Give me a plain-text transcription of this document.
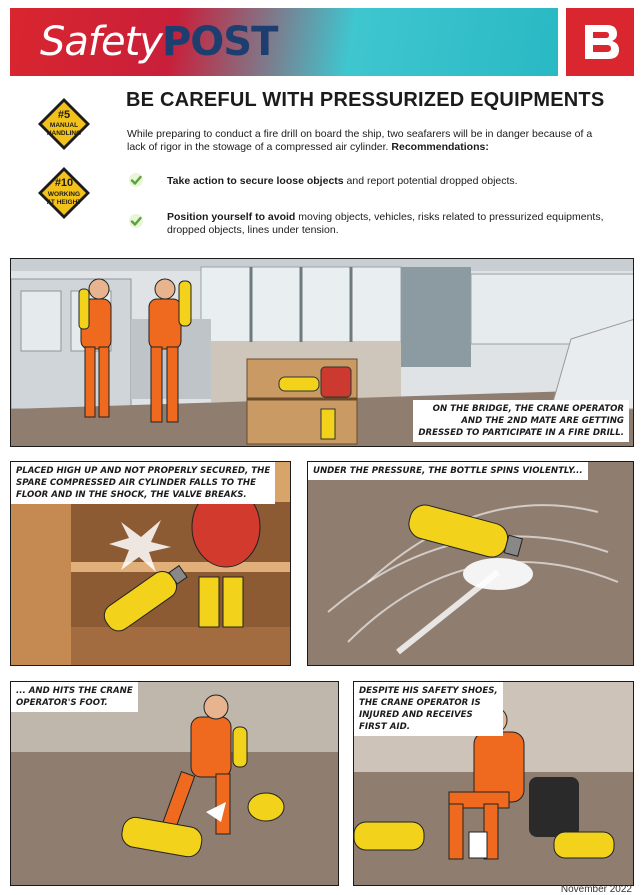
SafetyPOST
#5
MANUAL
HANDLING
#10
WORKING
AT HEIGHT
BE CAREFUL WITH PRESSURIZED EQUIPMENTS
While preparing to conduct a fire drill on board the ship, two seafarers will be in danger because of a lack of rigor in the stowage of a compressed air cylinder. Recommendations:
Take action to secure loose objects and report potential dropped objects.
Position yourself to avoid moving objects, vehicles, risks related to pressurized equipments, dropped objects, lines under tension.
ON THE BRIDGE, THE CRANE OPERATOR
AND THE 2ND MATE ARE GETTING
DRESSED TO PARTICIPATE IN A FIRE DRILL.
PLACED HIGH UP AND NOT PROPERLY SECURED, THE
SPARE COMPRESSED AIR CYLINDER FALLS TO THE
FLOOR AND IN THE SHOCK, THE VALVE BREAKS.
UNDER THE PRESSURE, THE BOTTLE SPINS VIOLENTLY...
... AND HITS THE CRANE
OPERATOR'S FOOT.
DESPITE HIS SAFETY SHOES,
THE CRANE OPERATOR IS
INJURED AND RECEIVES
FIRST AID.
November 2022
